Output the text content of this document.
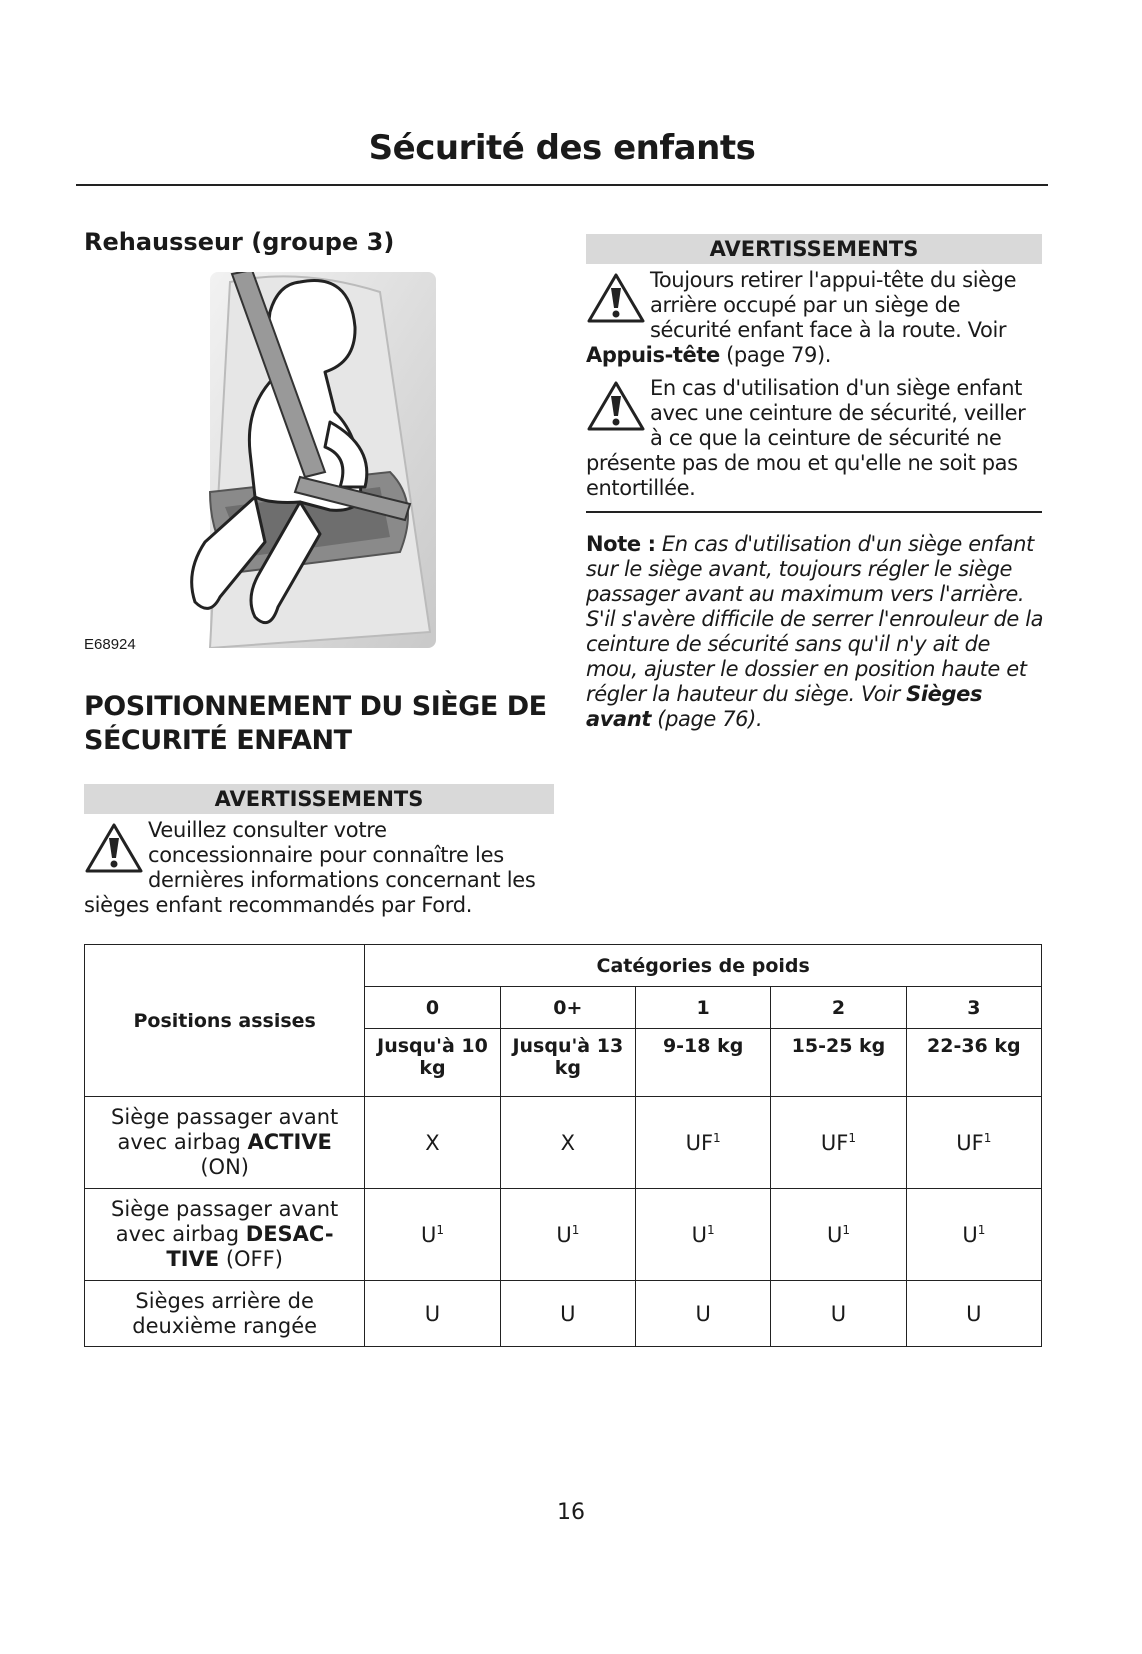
Sécurité des enfants
Rehausseur (groupe 3)
E68924
POSITIONNEMENT DU SIÈGE DE SÉCURITÉ ENFANT
AVERTISSEMENTS

Veuillez consulter votre concessionnaire pour connaître les dernières informations concernant les sièges enfant recommandés par Ford.

AVERTISSEMENTS

Toujours retirer l'appui-tête du siège arrière occupé par un siège de sécurité enfant face à la route. Voir Appuis-tête (page 79).

En cas d'utilisation d'un siège enfant avec une ceinture de sécurité, veiller à ce que la ceinture de sécurité ne présente pas de mou et qu'elle ne soit pas entortillée.

Note : En cas d'utilisation d'un siège enfant sur le siège avant, toujours régler le siège passager avant au maximum vers l'arrière. S'il s'avère difficile de serrer l'enrouleur de la ceinture de sécurité sans qu'il n'y ait de mou, ajuster le dossier en position haute et régler la hauteur du siège. Voir Sièges avant (page 76).
Positions assises	Catégories de poids				
	0	0+	1	2	3
	Jusqu'à 10 kg	Jusqu'à 13 kg	9-18 kg	15-25 kg	22-36 kg
Siège passager avant avec airbag ACTIVE (ON)	X	X	$UF^1$	$UF^1$	$UF^1$
Siège passager avant avec airbag DESAC-TIVE (OFF)	$U^1$	$U^1$	$U^1$	$U^1$	$U^1$
Sièges arrière de deuxième rangée	U	U	U	U	U
16
